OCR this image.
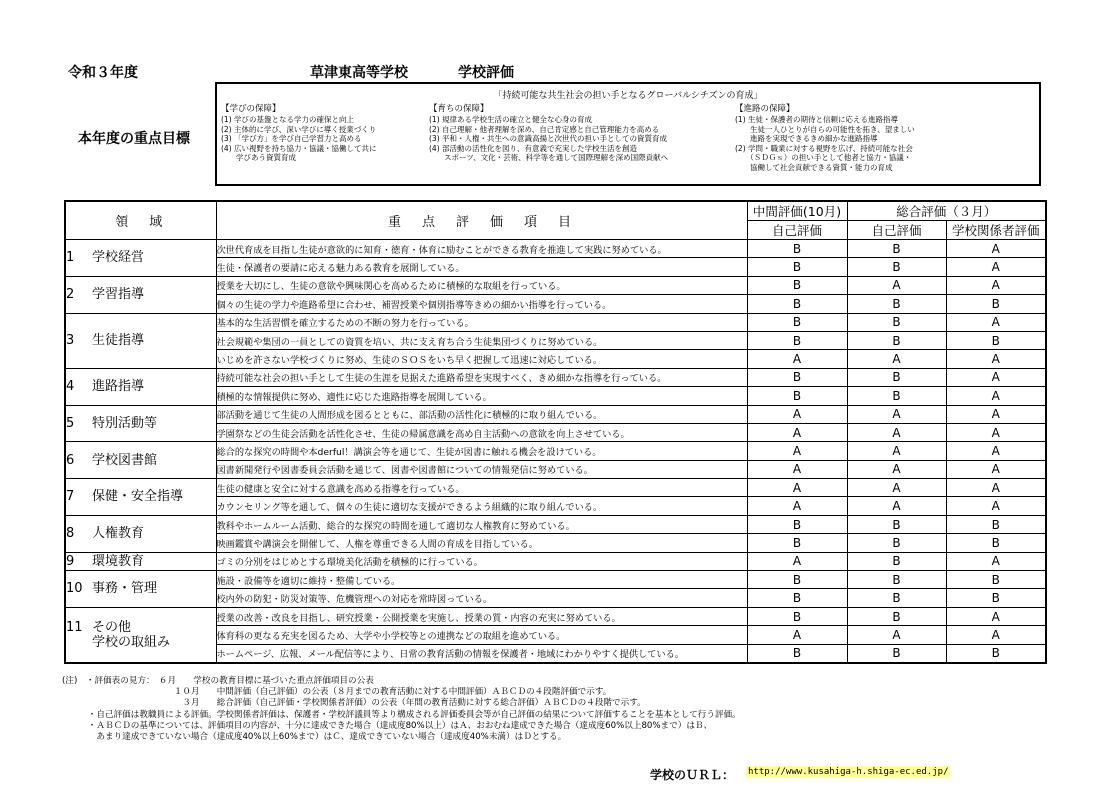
令和３年度	草津東高等学校	学校評価
本年度の重点目標
「持続可能な共生社会の担い手となるグローバルシチズンの育成」
【学びの保障】
(1) 学びの基盤となる学力の確保と向上
(2) 主体的に学び、深い学びに導く授業づくり
(3) 「学び方」を学び自己学習力と高める
(4) 広い視野を持ち協力・協議・協働して共に
　　学びあう資質育成
【育ちの保障】
(1) 規律ある学校生活の確立と健全な心身の育成
(2) 自己理解・他者理解を深め、自己肯定感と自己管理能力を高める
(3) 平和・人権・共生への意識高揚と次世代の担い手としての資質育成
(4) 部活動の活性化を図り、有意義で充実した学校生活を創造
　　スポーツ、文化・芸術、科学等を通して国際理解を深め国際貢献へ
【進路の保障】
(1) 生徒・保護者の期待と信頼に応える進路指導
　　生徒一人ひとりが自らの可能性を拓き、望ましい
　　進路を実現できるきめ細かな進路指導
(2) 学問・職業に対する視野を広げ、持続可能な社会
　　（ＳＤＧｓ）の担い手として他者と協力・協議・
　　協働して社会貢献できる資質・能力の育成
領　域	重　点　評　価　項　目	中間評価(10月)	総合評価（３月）	
		自己評価	自己評価	学校関係者評価
1 学校経営	次世代育成を目指し生徒が意欲的に知育・徳育・体育に励むことができる教育を推進して実践に努めている。	B	B	A
	生徒・保護者の要請に応える魅力ある教育を展開している。	B	B	A
2 学習指導	授業を大切にし、生徒の意欲や興味関心を高めるために積極的な取組を行っている。	B	A	A
	個々の生徒の学力や進路希望に合わせ、補習授業や個別指導等きめの細かい指導を行っている。	B	B	B
3 生徒指導	基本的な生活習慣を確立するための不断の努力を行っている。	B	B	A
	社会規範や集団の一員としての資質を培い、共に支え育ち合う生徒集団づくりに努めている。	B	B	B
	いじめを許さない学校づくりに努め、生徒のＳＯＳをいち早く把握して迅速に対応している。	A	A	A
4 進路指導	持続可能な社会の担い手として生徒の生涯を見据えた進路希望を実現すべく、きめ細かな指導を行っている。	B	B	A
	積極的な情報提供に努め、適性に応じた進路指導を展開している。	B	B	A
5 特別活動等	部活動を通じて生徒の人間形成を図るとともに、部活動の活性化に積極的に取り組んでいる。	A	A	A
	学園祭などの生徒会活動を活性化させ、生徒の帰属意識を高め自主活動への意欲を向上させている。	A	A	A
6 学校図書館	総合的な探究の時間や本derful！講演会等を通じて、生徒が図書に触れる機会を設けている。	A	A	A
	図書新聞発行や図書委員会活動を通じて、図書や図書館についての情報発信に努めている。	A	A	A
7 保健・安全指導	生徒の健康と安全に対する意識を高める指導を行っている。	A	A	A
	カウンセリング等を通して、個々の生徒に適切な支援ができるよう組織的に取り組んでいる。	A	A	A
8 人権教育	教科やホームルーム活動、総合的な探究の時間を通して適切な人権教育に努めている。	B	B	B
	映画鑑賞や講演会を開催して、人権を尊重できる人間の育成を目指している。	B	B	B
9 環境教育	ゴミの分別をはじめとする環境美化活動を積極的に行っている。	A	B	A
10 事務・管理	施設・設備等を適切に維持・整備している。	B	B	B
	校内外の防犯・防災対策等、危機管理への対応を常時図っている。	B	B	B
11 その他
学校の取組み	授業の改善・改良を目指し、研究授業・公開授業を実施し、授業の質・内容の充実に努めている。	B	B	A
	体育科の更なる充実を図るため、大学や小学校等との連携などの取組を進めている。	A	A	A
	ホームページ、広報、メール配信等により、日常の教育活動の情報を保護者・地域にわかりやすく提供している。	B	B	B
(注)　・評価表の見方：　６月　　学校の教育目標に基づいた重点評価項目の公表
　　　　　　　　　　　　　１０月　　中間評価（自己評価）の公表（８月までの教育活動に対する中間評価）ＡＢＣＤの４段階評価で示す。
　　　　　　　　　　　　　　３月　　総合評価（自己評価・学校関係者評価）の公表（年間の教育活動に対する総合評価）ＡＢＣＤの４段階で示す。
　　　・自己評価は教職員による評価。学校関係者評価は、保護者・学校評議員等より構成される評価委員会等が自己評価の結果について評価することを基本として行う評価。
　　　・ＡＢＣＤの基準については、評価項目の内容が、十分に達成できた場合（達成度80%以上）はＡ、おおむね達成できた場合（達成度60%以上80%まで）はＢ、
　　　　あまり達成できていない場合（達成度40%以上60%まで）はＣ、達成できていない場合（達成度40%未満）はＤとする。
学校のＵＲＬ： http://www.kusahiga-h.shiga-ec.ed.jp/
